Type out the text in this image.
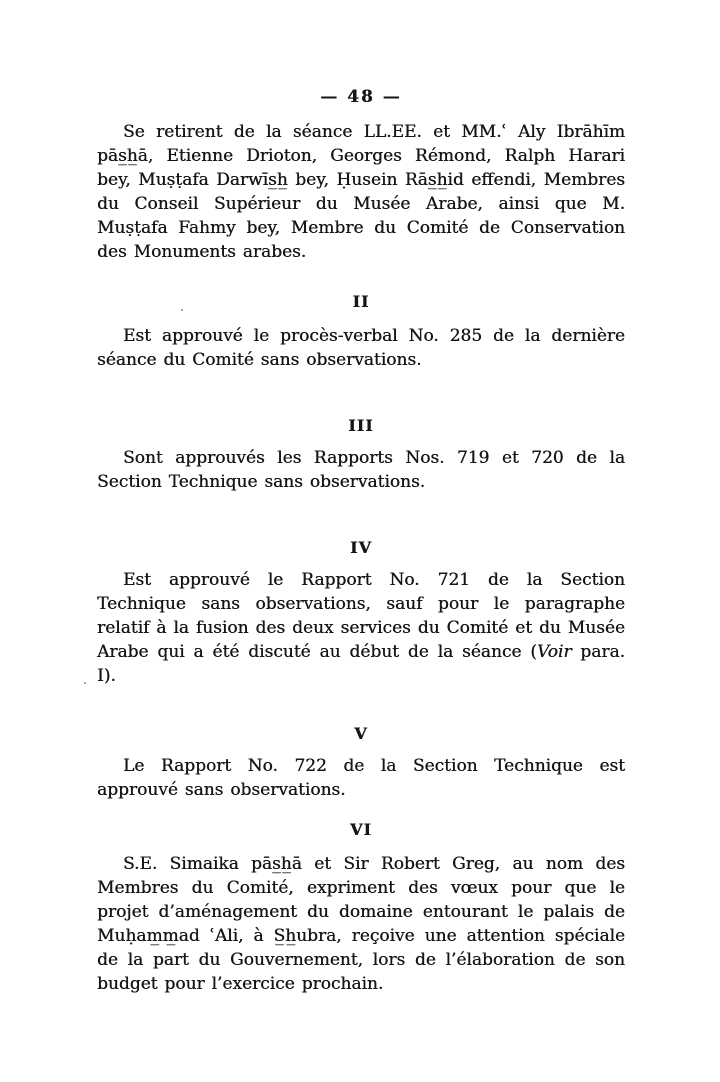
— 48 —

Se retirent de la séance LL.EE. et MM.ʿ Aly Ibrāhīm pās̲h̲ā, Etienne Drioton, Georges Rémond, Ralph Harari bey, Muṣṭafa Darwīs̲h̲ bey, Ḥusein Rās̲h̲id effendi, Membres du Conseil Supérieur du Musée Arabe, ainsi que M. Muṣṭafa Fahmy bey, Membre du Comité de Conservation des Monuments arabes.

II

Est approuvé le procès-verbal No. 285 de la dernière séance du Comité sans observations.

III

Sont approuvés les Rapports Nos. 719 et 720 de la Section Technique sans observations.

IV

Est approuvé le Rapport No. 721 de la Section Technique sans observations, sauf pour le paragraphe relatif à la fusion des deux services du Comité et du Musée Arabe qui a été discuté au début de la séance (Voir para. I).

V

Le Rapport No. 722 de la Section Technique est approuvé sans observations.

VI

S.E. Simaika pās̲h̲ā et Sir Robert Greg, au nom des Membres du Comité, expriment des vœux pour que le projet d’aménagement du domaine entourant le palais de Muḥam̲m̲ad ʿAli, à S̲h̲ubra, reçoive une attention spéciale de la part du Gouvernement, lors de l’élaboration de son budget pour l’exercice prochain.
